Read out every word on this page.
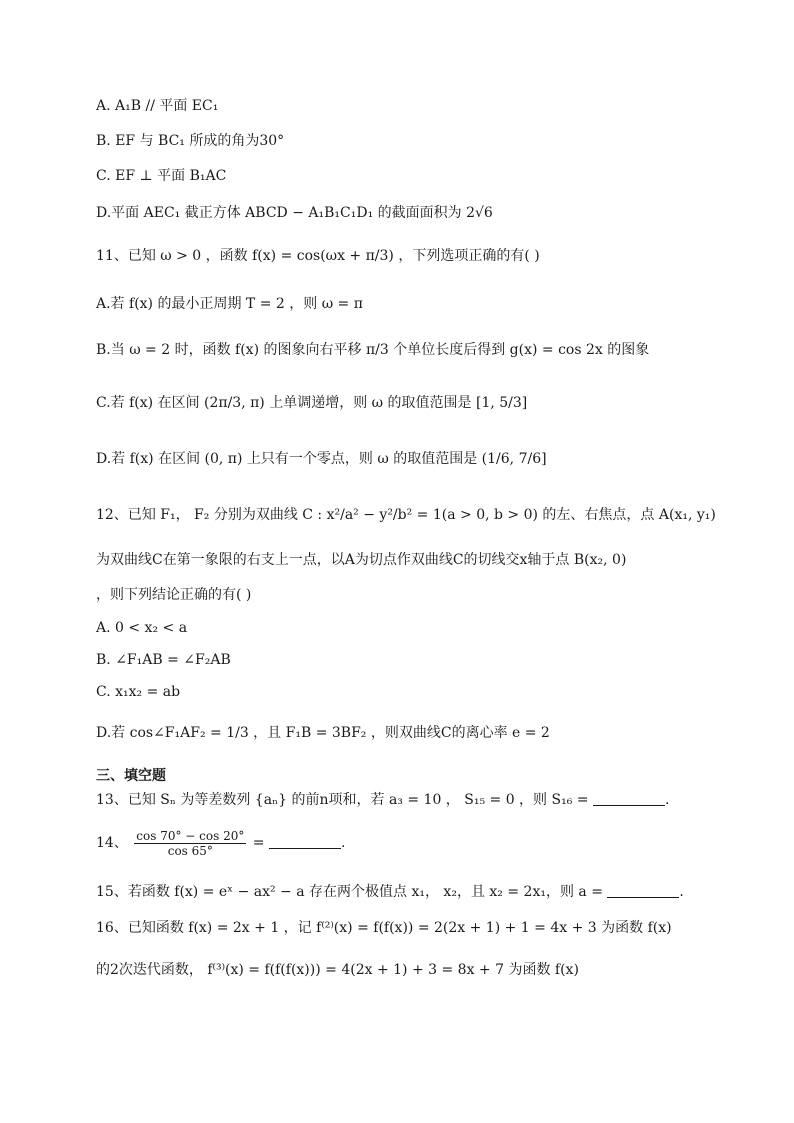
A. A₁B // 平面 EC₁
B. EF 与 BC₁ 所成的角为30°
C. EF ⊥ 平面 B₁AC
D.平面 AEC₁ 截正方体 ABCD − A₁B₁C₁D₁ 的截面面积为 2√6
11、已知 ω > 0 ，函数 f(x) = cos(ωx + π/3) ，下列选项正确的有( )
A.若 f(x) 的最小正周期 T = 2 ，则 ω = π
B.当 ω = 2 时，函数 f(x) 的图象向右平移 π/3 个单位长度后得到 g(x) = cos 2x 的图象
C.若 f(x) 在区间 (2π/3, π) 上单调递增，则 ω 的取值范围是 [1, 5/3]
D.若 f(x) 在区间 (0, π) 上只有一个零点，则 ω 的取值范围是 (1/6, 7/6]
12、已知 F₁， F₂ 分别为双曲线 C : x²/a² − y²/b² = 1(a > 0, b > 0) 的左、右焦点，点 A(x₁, y₁)
为双曲线C在第一象限的右支上一点，以A为切点作双曲线C的切线交x轴于点 B(x₂, 0)
，则下列结论正确的有( )
A. 0 < x₂ < a
B. ∠F₁AB = ∠F₂AB
C. x₁x₂ = ab
D.若 cos∠F₁AF₂ = 1/3 ，且 F₁B = 3BF₂ ，则双曲线C的离心率 e = 2
三、填空题
13、已知 Sₙ 为等差数列 {aₙ} 的前n项和，若 a₃ = 10 ， S₁₅ = 0 ，则 S₁₆ =	.
14、 $\frac{\cos 70^\circ - \cos 20^\circ}{\cos 65^\circ}$ =	.
15、若函数 f(x) = eˣ − ax² − a 存在两个极值点 x₁， x₂，且 x₂ = 2x₁，则 a =	.
16、已知函数 f(x) = 2x + 1 ，记 f⁽²⁾(x) = f(f(x)) = 2(2x + 1) + 1 = 4x + 3 为函数 f(x)
的2次迭代函数， f⁽³⁾(x) = f(f(f(x))) = 4(2x + 1) + 3 = 8x + 7 为函数 f(x)
